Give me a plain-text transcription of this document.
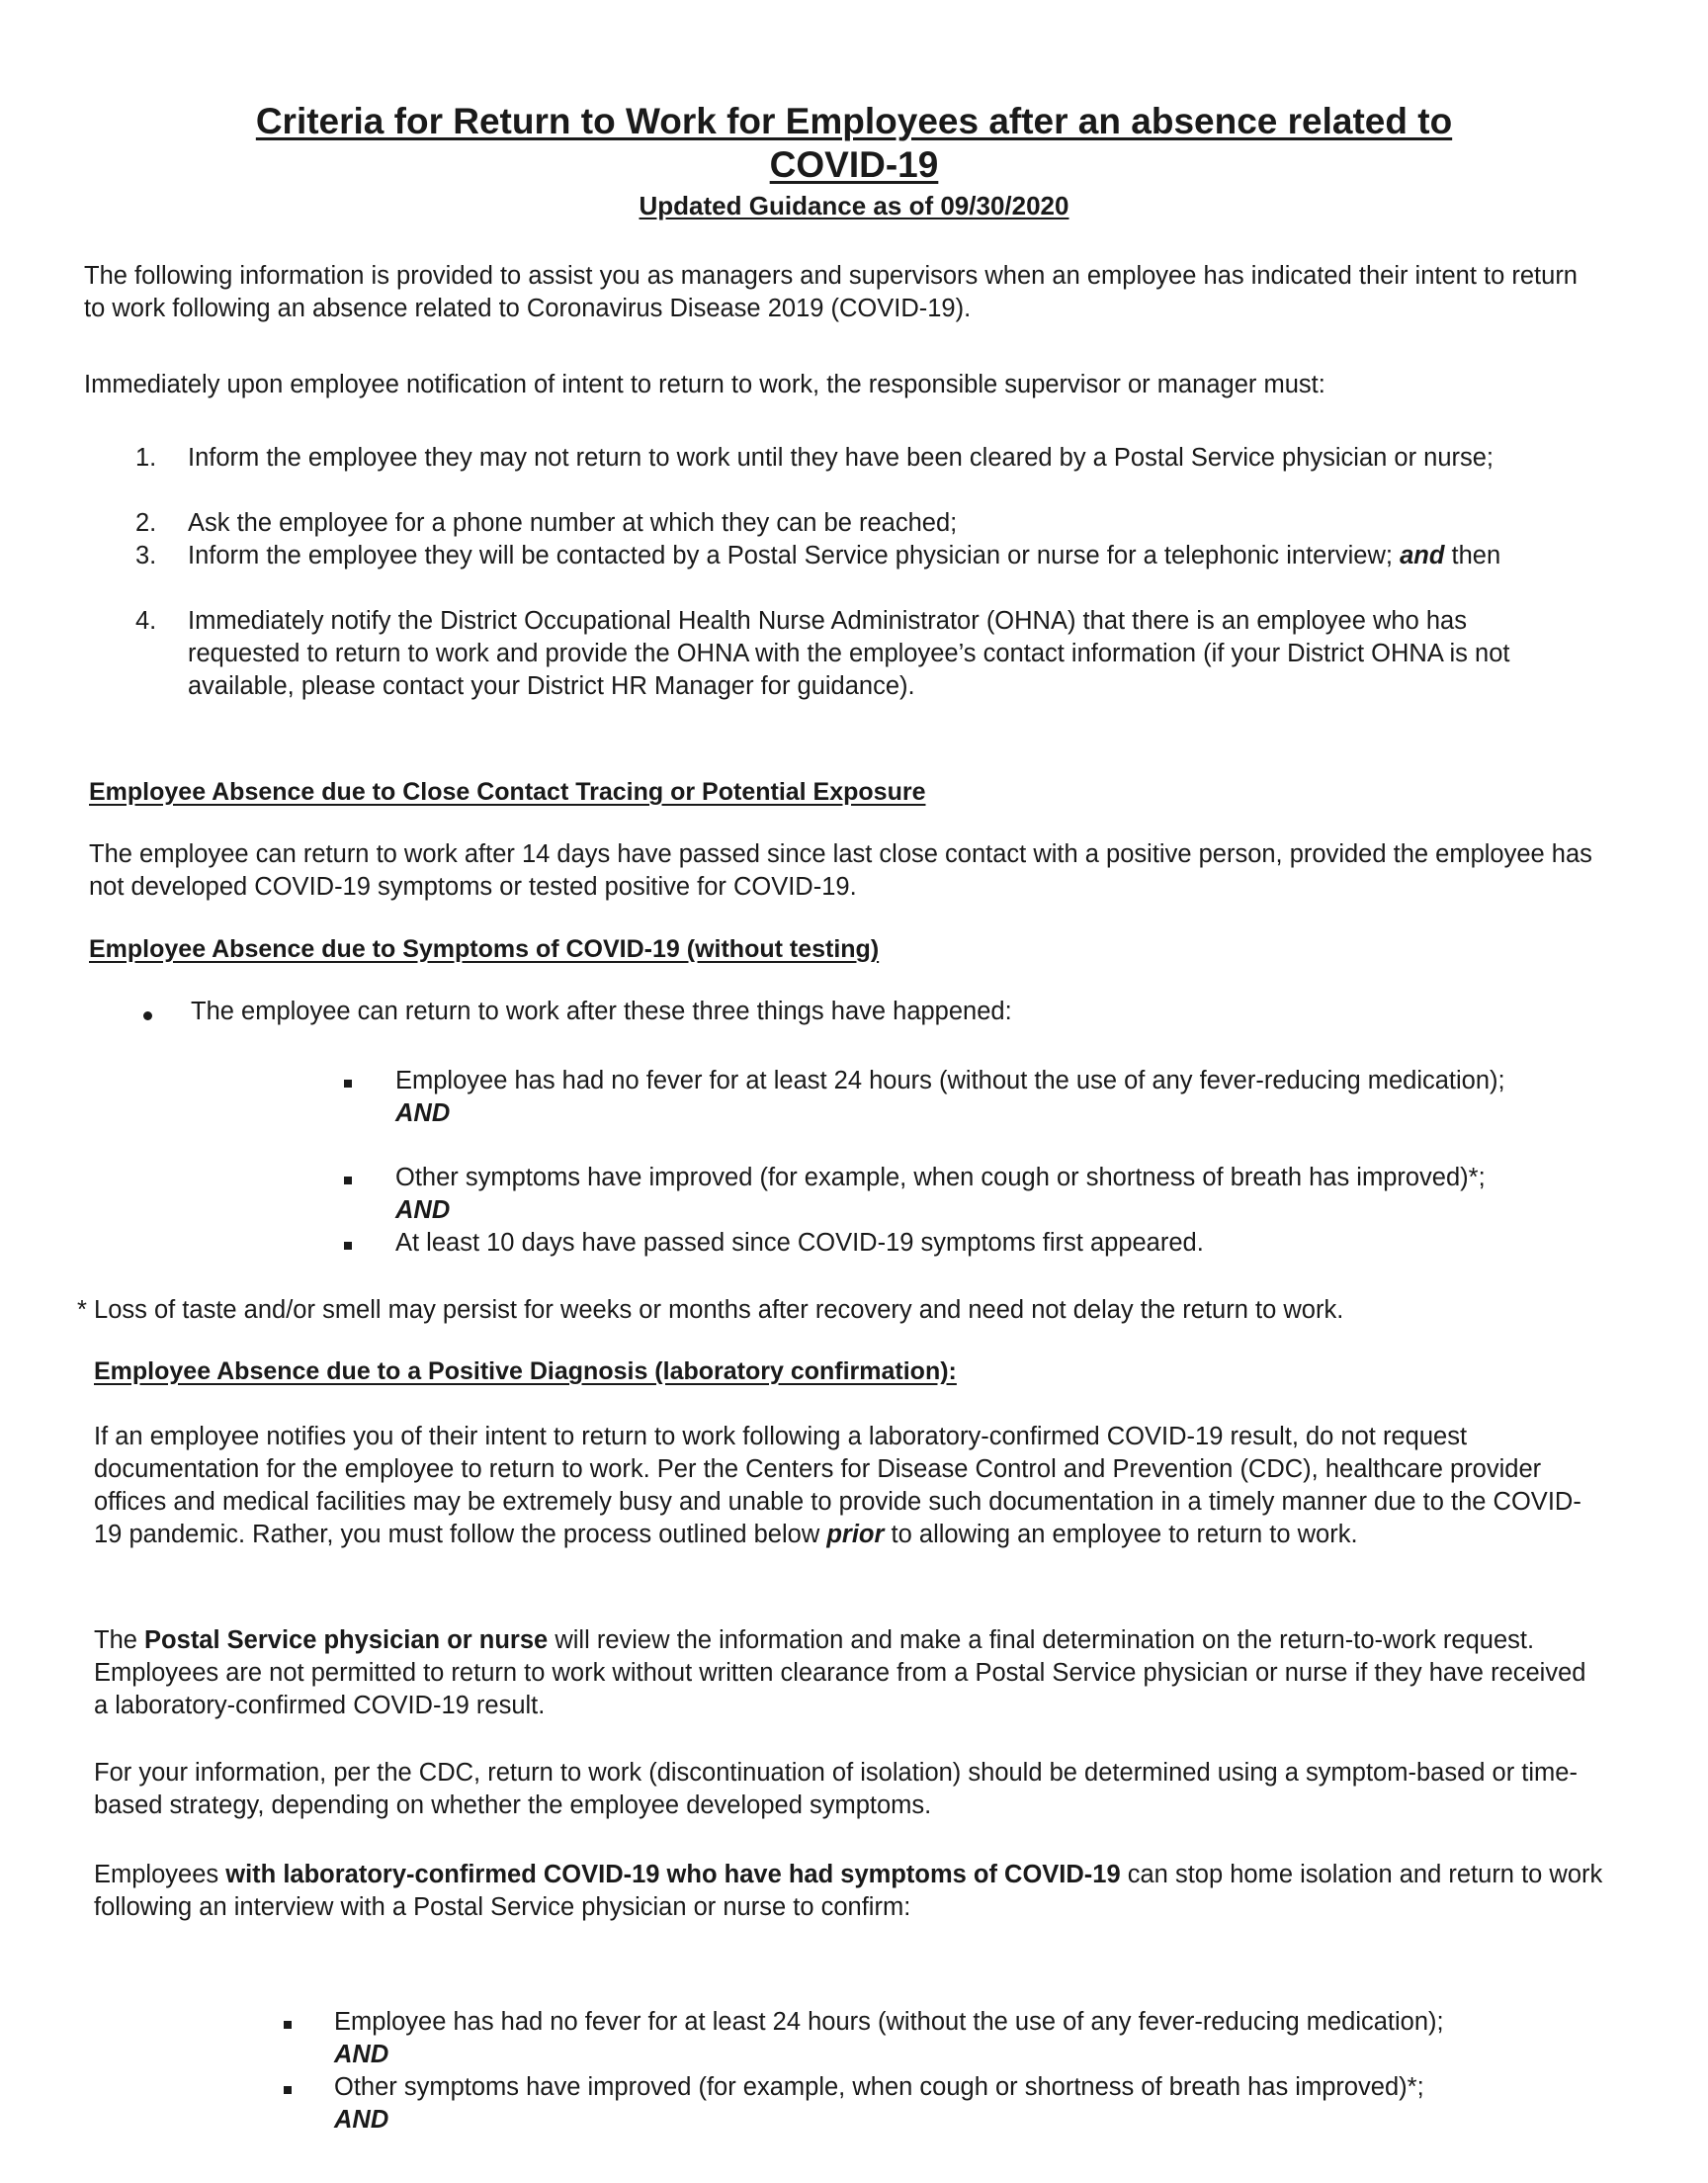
Criteria for Return to Work for Employees after an absence related to
COVID-19
Updated Guidance as of 09/30/2020
The following information is provided to assist you as managers and supervisors when an employee has indicated their intent to return to work following an absence related to Coronavirus Disease 2019 (COVID-19).
Immediately upon employee notification of intent to return to work, the responsible supervisor or manager must:
1. Inform the employee they may not return to work until they have been cleared by a Postal Service physician or nurse;
2. Ask the employee for a phone number at which they can be reached;
3. Inform the employee they will be contacted by a Postal Service physician or nurse for a telephonic interview; and then
4. Immediately notify the District Occupational Health Nurse Administrator (OHNA) that there is an employee who has requested to return to work and provide the OHNA with the employee’s contact information (if your District OHNA is not available, please contact your District HR Manager for guidance).
Employee Absence due to Close Contact Tracing or Potential Exposure
The employee can return to work after 14 days have passed since last close contact with a positive person, provided the employee has not developed COVID-19 symptoms or tested positive for COVID-19.
Employee Absence due to Symptoms of COVID-19 (without testing)
The employee can return to work after these three things have happened:
Employee has had no fever for at least 24 hours (without the use of any fever-reducing medication);
AND
Other symptoms have improved (for example, when cough or shortness of breath has improved)*;
AND
At least 10 days have passed since COVID-19 symptoms first appeared.
* Loss of taste and/or smell may persist for weeks or months after recovery and need not delay the return to work.
Employee Absence due to a Positive Diagnosis (laboratory confirmation):
If an employee notifies you of their intent to return to work following a laboratory-confirmed COVID-19 result, do not request documentation for the employee to return to work. Per the Centers for Disease Control and Prevention (CDC), healthcare provider offices and medical facilities may be extremely busy and unable to provide such documentation in a timely manner due to the COVID-19 pandemic. Rather, you must follow the process outlined below prior to allowing an employee to return to work.
The Postal Service physician or nurse will review the information and make a final determination on the return-to-work request. Employees are not permitted to return to work without written clearance from a Postal Service physician or nurse if they have received a laboratory-confirmed COVID-19 result.
For your information, per the CDC, return to work (discontinuation of isolation) should be determined using a symptom-based or time-based strategy, depending on whether the employee developed symptoms.
Employees with laboratory-confirmed COVID-19 who have had symptoms of COVID-19 can stop home isolation and return to work following an interview with a Postal Service physician or nurse to confirm:
Employee has had no fever for at least 24 hours (without the use of any fever-reducing medication);
AND
Other symptoms have improved (for example, when cough or shortness of breath has improved)*;
AND
